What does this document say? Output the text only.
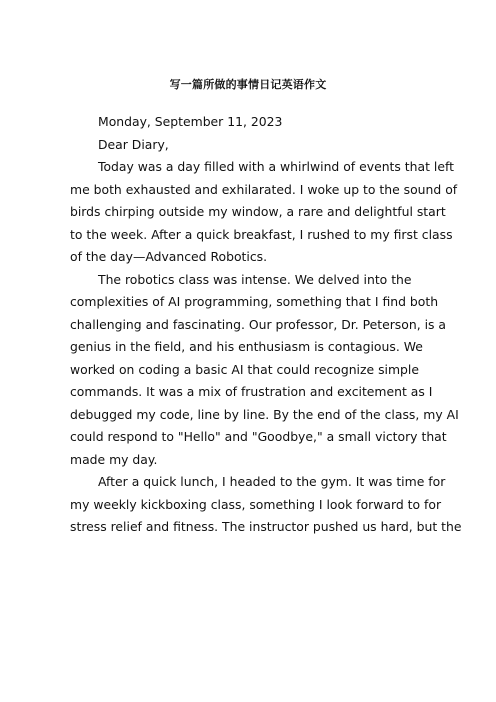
写一篇所做的事情日记英语作文
Monday, September 11, 2023
Dear Diary,
Today was a day filled with a whirlwind of events that left
me both exhausted and exhilarated. I woke up to the sound of
birds chirping outside my window, a rare and delightful start
to the week. After a quick breakfast, I rushed to my first class
of the day—Advanced Robotics.
The robotics class was intense. We delved into the
complexities of AI programming, something that I find both
challenging and fascinating. Our professor, Dr. Peterson, is a
genius in the field, and his enthusiasm is contagious. We
worked on coding a basic AI that could recognize simple
commands. It was a mix of frustration and excitement as I
debugged my code, line by line. By the end of the class, my AI
could respond to "Hello" and "Goodbye," a small victory that
made my day.
After a quick lunch, I headed to the gym. It was time for
my weekly kickboxing class, something I look forward to for
stress relief and fitness. The instructor pushed us hard, but the
